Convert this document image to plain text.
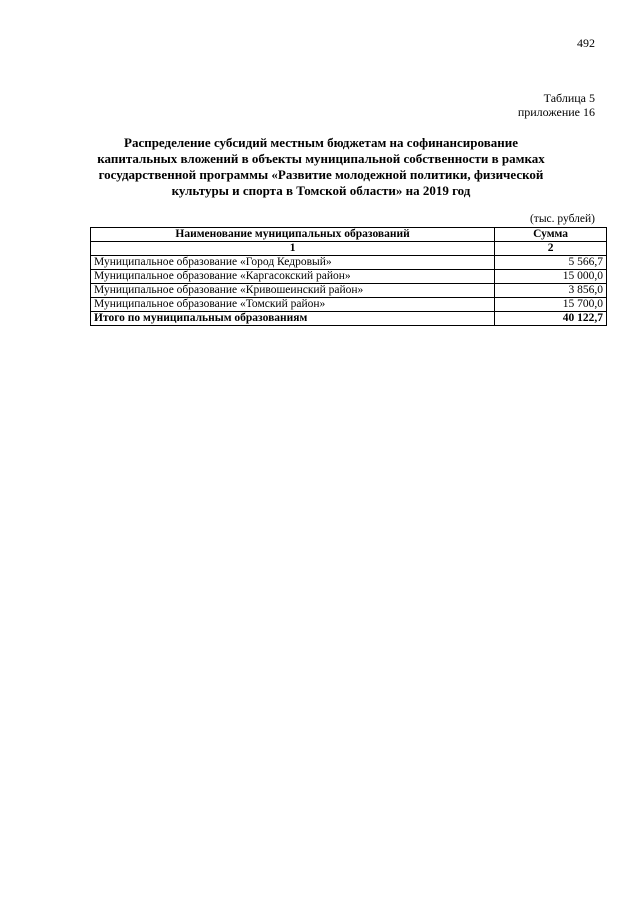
492
Таблица 5
приложение 16
Распределение субсидий местным бюджетам на софинансирование
капитальных вложений в объекты муниципальной собственности в рамках
государственной программы «Развитие молодежной политики, физической
культуры и спорта в Томской области» на 2019 год
(тыс. рублей)
Наименование муниципальных образований	Сумма
1	2
Муниципальное образование «Город Кедровый»	5 566,7
Муниципальное образование «Каргасокский район»	15 000,0
Муниципальное образование «Кривошеинский район»	3 856,0
Муниципальное образование «Томский район»	15 700,0
Итого по муниципальным образованиям	40 122,7
